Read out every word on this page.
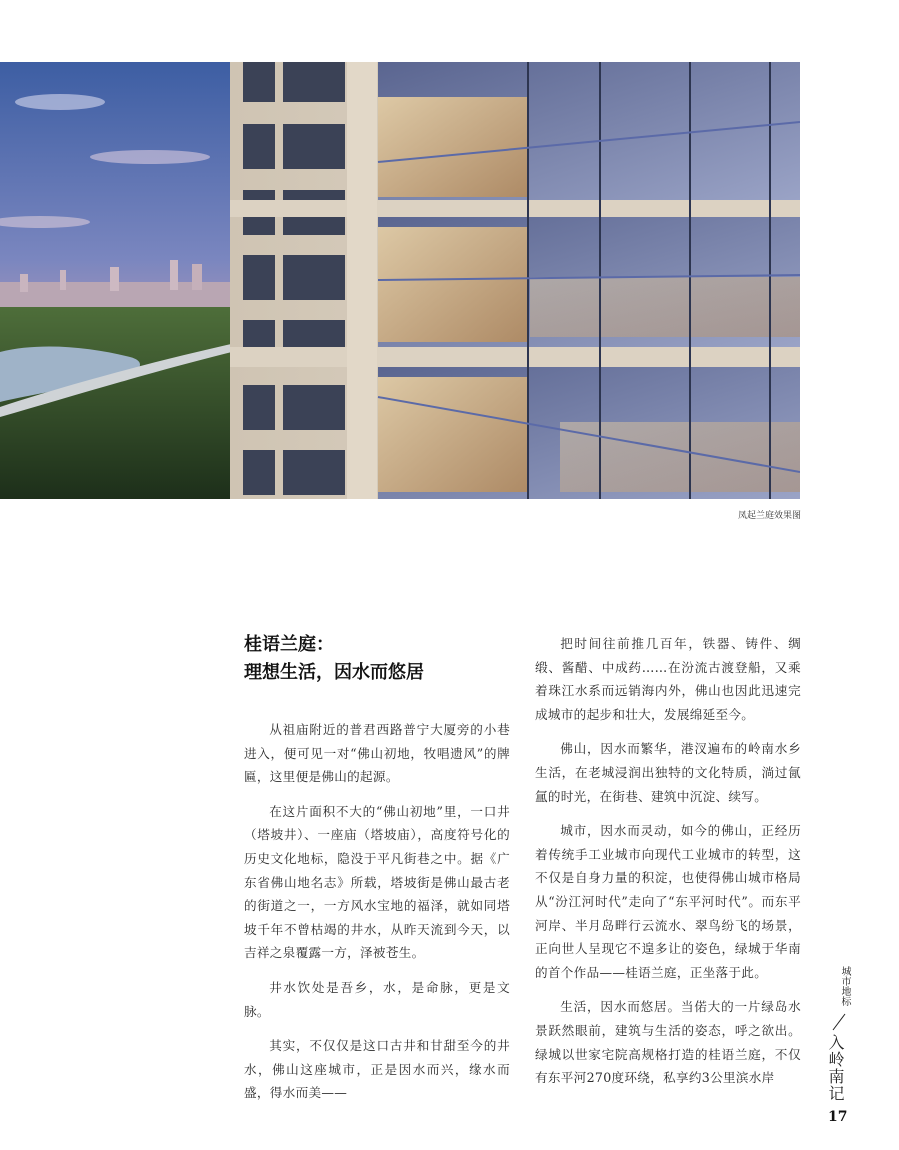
凤起兰庭效果图
桂语兰庭：
理想生活，因水而悠居

从祖庙附近的普君西路普宁大厦旁的小巷进入，便可见一对“佛山初地，牧唱遗风”的牌匾，这里便是佛山的起源。

在这片面积不大的“佛山初地”里，一口井（塔坡井）、一座庙（塔坡庙），高度符号化的历史文化地标，隐没于平凡街巷之中。据《广东省佛山地名志》所载，塔坡街是佛山最古老的街道之一，一方风水宝地的福泽，就如同塔坡千年不曾枯竭的井水，从昨天流到今天，以吉祥之泉覆露一方，泽被苍生。

井水饮处是吾乡，水，是命脉，更是文脉。

其实，不仅仅是这口古井和甘甜至今的井水，佛山这座城市，正是因水而兴，缘水而盛，得水而美——

把时间往前推几百年，铁器、铸件、绸缎、酱醋、中成药……在汾流古渡登船，又乘着珠江水系而远销海内外，佛山也因此迅速完成城市的起步和壮大，发展绵延至今。

佛山，因水而繁华，港汊遍布的岭南水乡生活，在老城浸润出独特的文化特质，淌过氤氲的时光，在街巷、建筑中沉淀、续写。

城市，因水而灵动，如今的佛山，正经历着传统手工业城市向现代工业城市的转型，这不仅是自身力量的积淀，也使得佛山城市格局从“汾江河时代”走向了“东平河时代”。而东平河岸、半月岛畔行云流水、翠鸟纷飞的场景，正向世人呈现它不遑多让的姿色，绿城于华南的首个作品——桂语兰庭，正坐落于此。

生活，因水而悠居。当偌大的一片绿岛水景跃然眼前，建筑与生活的姿态，呼之欲出。绿城以世家宅院高规格打造的桂语兰庭，不仅有东平河270度环绕，私享约3公里滨水岸

城市地标
入岭南记
17
